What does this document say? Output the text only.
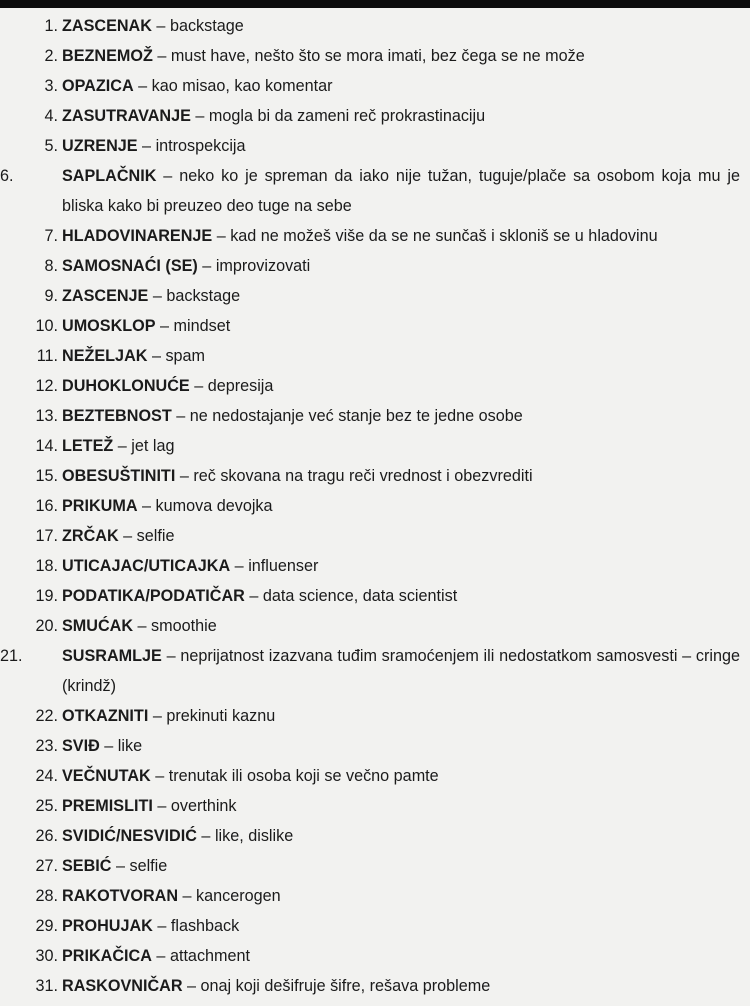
1. ZASCENAK – backstage
2. BEZNEMOŽ – must have, nešto što se mora imati, bez čega se ne može
3. OPAZICA – kao misao, kao komentar
4. ZASUTRAVANJE – mogla bi da zameni reč prokrastinaciju
5. UZRENJE – introspekcija
6.	SAPLAČNIK – neko ko je spreman da iako nije tužan, tuguje/plače sa osobom koja mu je bliska kako bi preuzeo deo tuge na sebe
7. HLADOVINARENJE – kad ne možeš više da se ne sunčaš i skloniš se u hladovinu
8. SAMOSNAĆI (SE) – improvizovati
9. ZASCENJE – backstage
10. UMOSKLOP – mindset
11. NEŽELJAK – spam
12. DUHOKLONUĆE – depresija
13. BEZTEBNOST – ne nedostajanje već stanje bez te jedne osobe
14. LETEŽ – jet lag
15. OBESUŠTINITI – reč skovana na tragu reči vrednost i obezvrediti
16. PRIKUMA – kumova devojka
17. ZRČAK – selfie
18. UTICAJAC/UTICAJKA – influenser
19. PODATIKA/PODATIČAR – data science, data scientist
20. SMUĆAK – smoothie
21.	SUSRAMLJE – neprijatnost izazvana tuđim sramoćenjem ili nedostatkom samosvesti – cringe (krindž)
22. OTKAZNITI – prekinuti kaznu
23. SVIĐ – like
24. VEČNUTAK – trenutak ili osoba koji se večno pamte
25. PREMISLITI – overthink
26. SVIDIĆ/NESVIDIĆ – like, dislike
27. SEBIĆ – selfie
28. RAKOTVORAN – kancerogen
29. PROHUJAK – flashback
30. PRIKAČICA – attachment
31. RASKOVNIČAR – onaj koji dešifruje šifre, rešava probleme
